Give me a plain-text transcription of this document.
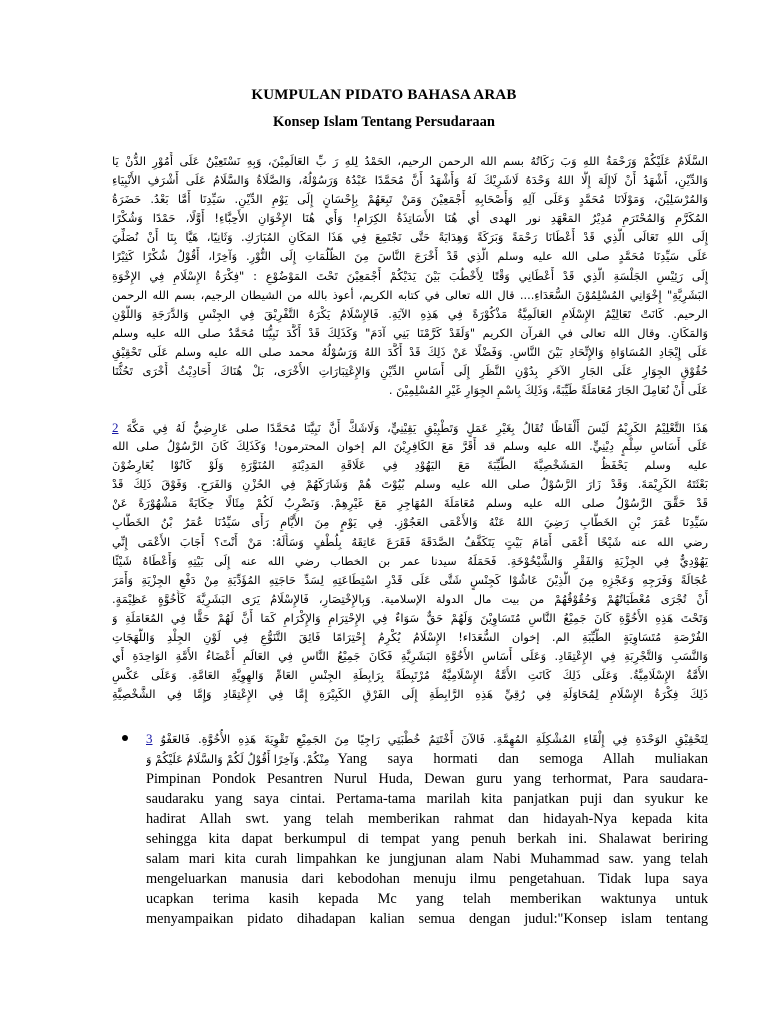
KUMPULAN PIDATO BAHASA ARAB
Konsep Islam Tentang Persudaraan
السَّلَامُ عَلَيْكُمْ وَرَحْمَةُ اللهِ وَبَ رَكَاتُهُ بسم الله الرحمن الرحيم، الحَمْدُ لِلهِ رَ بِّ العَالَمِيْنَ، وَبِهِ نَسْتَعِيْنُ عَلَى أُمُوْرِ الدُّنْ يَا
وَالدِّيْنِ، أَشْهَدُ أَنْ لَاإِلَهَ إِلَّا اللهُ وَحْدَهُ لَاشَرِيْكَ لَهُ وَأَشْهَدُ أَنَّ مُحَمَّدًا عَبْدُهُ وَرَسُوْلُهُ، وَالصَّلَاةُ وَالسَّلَامُ عَلَى أَشْرَفِ الأَنْبِيَاءِ
وَالمُرْسَلِيْنَ، وَمَوْلَانَا مُحَمَّدٍ وَعَلَى آلِهِ وَأَصْحَابِهِ أَجْمَعِيْنَ وَمَنْ تَبِعَهُمْ بِإِحْسَانٍ إِلَى يَوْمِ الدِّيْنِ. سَيِّدِنَا أَمَّا بَعْدُ. حَضَرَةُ
المُكَرَّمِ وَالمُحْتَرَمِ مُدِيْرُ المَعْهَدِ نور الهدى أي هُنَا الأَسَاتِذَةُ الكِرَامِ! وَأَي هُنَا الإِخْوَانِ الأَحِبَّاءِ! أَوَّلًا، حَمْدًا وَشُكْرًا
إِلَى اللهِ تَعَالَى الَّذِي قَدْ أَعْطَانَا رَحْمَةً وَبَرَكَةً وَهِدَايَةً حَتَّى نَجْتَمِعَ فِي هَذَا المَكَانِ المُبَارَكِ. وَثَانِيًا، هَيَّا بِنَا أَنْ نُصَلِّيَ
عَلَى سَيِّدِنَا مُحَمَّدٍ صلى الله عليه وسلم الَّذِي قَدْ أَخْرَجَ النَّاسَ مِنَ الظُّلُمَاتِ إِلَى النُّوْرِ. وَآخِرًا، أَقُوْلُ شُكْرًا كَثِيْرًا
إِلَى رَئِيْسِ الجَلْسَةِ الَّذِي قَدْ أَعْطَانِي وَقْتًا لِأَخْطُبَ بَيْنَ يَدَيْكُمْ أَجْمَعِيْنَ تَحْتَ المَوْضُوْعِ : "فِكْرَةُ الإِسْلَامِ فِي الإِخْوَةِ
البَشَرِيَّةِ" إِخْوَانِي المُسْلِمُوْنَ السُّعَدَاءِ.... قال الله تعالى في كتابه الكريم، أعوذ بالله من الشيطان الرجيم، بسم الله الرحمن
الرحيم. كَانَتْ تَعَالِيْمُ الإِسْلَامِ العَالَمِيَّةُ مَذْكُوْرَةً فِي هَذِهِ الآيَةِ. فَالإِسْلَامُ يَكْرَهُ التَّفْرِيْقَ فِي الجِنْسِ وَالدَّرَجَةِ وَاللَّوْنِ
وَالمَكَانِ. وقال الله تعالى في القرآن الكريم "وَلَقَدْ كَرَّمْنَا بَنِي آدَمَ" وَكَذَلِكَ قَدْ أَكَّدَ نَبِيُّنَا مُحَمَّدٌ صلى الله عليه وسلم
عَلَى إِيْجَادِ المُسَاوَاةِ وَالإِتِّحَادِ بَيْنَ النَّاسِ. وَفَضْلًا عَنْ ذَلِكَ قَدْ أَكَّدَ اللهُ وَرَسُوْلُهُ محمد صلى الله عليه وسلم عَلَى تَحْقِيْقِ
حُقُوْقِ الجِوَارِ عَلَى الجَارِ الآخَرِ بِدُوْنِ النَّظَرِ إِلَى أَسَاسِ الدِّيْنِ وَالإِعْتِبَارَاتِ الأُخْرَى، بَلْ هُنَاكَ أَحَادِيْثُ أُخْرَى تَحُثُّنَا
عَلَى أَنْ نُعَامِلَ الجَارَ مُعَامَلَةً طَيِّبَةً، وَذَلِكَ بِاسْمِ الجِوَارِ غَيْرِ المُسْلِمِيْنَ .
هَذَا التَّعْلِيْمُ الكَرِيْمُ لَيْسَ أَلْفَاظًا تُقَالُ بِغَيْرِ عَمَلٍ وَتَطْبِيْقٍ يَقِيْنِيٍّ، وَلَاشَكَّ أَنَّ نَبِيَّنَا مُحَمَّدًا صلى عَارِضِيٌّ لَهُ فِي مَكَّةَ 2
عَلَى أَسَاسِ سِلْمٍ دِيْنِيٍّ. الله عليه وسلم قد أَقَرَّ مَعَ الكَافِرِيْنَ الم إخوان المحترمون! وَكَذَلِكَ كَانَ الرَّسُوْلُ صلى الله
عليه وسلم يَحْفَظُ المَشَخْصِيَّةَ الطَّيِّبَةَ مَعَ اليَهُوْدِ فِي عَلَاقَةِ المَدِيْنَةِ المُنَوَّرَةِ وَلَوْ كَانُوْا يُعَارِضُوْنَ
بَعْثَتَهُ الكَرِيْمَةَ. وَقَدْ زَارَ الرَّسُوْلُ صلى الله عليه وسلم بُيُوْتَ هُمْ وَشَارَكَهُمْ فِي الحُزْنِ وَالفَرَحِ. وَفَوْقَ ذَلِكَ قَدْ
قَدْ حَقَّقَ الرَّسُوْلُ صلى الله عليه وسلم مُعَامَلَةَ المُهَاجِرِ مَعَ غَيْرِهِمْ. وَنَضْرِبُ لَكُمْ مِثَالًا حِكَايَةً مَشْهُوْرَةً عَنْ
سَيِّدِنَا عُمَرَ بْنِ الخَطَّابِ رَضِيَ اللهُ عَنْهُ وَالأَعْمَى العَجُوْزِ. فِي يَوْمٍ مِنَ الأَيَّامِ رَأَى سَيِّدُنَا عُمَرُ بْنُ الخَطَّابِ
رضي الله عنه شَيْخًا أَعْمَى أَمَامَ بَيْتٍ يَتَكَفَّفُ الصَّدَقَةَ فَقَرَعَ عَاتِقَهُ بِلُطْفٍ وَسَأَلَهُ: مَنْ أَنْتَ؟ أَجَابَ الأَعْمَى إِنِّي
يَهُوْدِيٌّ فِي الجِزْيَةِ وَالفَقْرِ وَالشَّيْخُوْخَةِ. فَحَمَلَهُ سيدنا عمر بن الخطاب رضي الله عنه إِلَى بَيْتِهِ وَأَعْطَاهُ شَيْئًا
عُجَالَةً وَفَرَجِهِ وَعَجْزِهِ مِنَ الَّذِيْنَ عَاشُوْا كَجِنْسٍ شَتَّى عَلَى قَدْرِ اسْتِطَاعَتِهِ لِسَدِّ حَاجَتِهِ المُؤَدِّيَةِ مِنْ دَفْعِ الجِزْيَةِ وَأَمَرَ
أَنْ تُجْرَى مُعْطَيَاتُهُمْ وَحُقُوْقُهُمْ من بيت مال الدولة الإسلامية. وَبِالإِخْتِصَارِ، فَالإِسْلَامُ يَرَى البَشَرِيَّةَ كَأُخُوَّةٍ عَظِيْمَةٍ.
وَتَحْتَ هَذِهِ الأُخُوَّةِ كَانَ جَمِيْعُ النَّاسِ مُتَسَاوِيْنَ وَلَهُمْ حَقٌّ سَوَاءٌ فِي الإِحْتِرَامِ وَالإِكْرَامِ كَمَا أَنَّ لَهُمْ حَقًّا فِي المُعَامَلَةِ وَ
الفُرْصَةِ مُتَسَاوِيَةٍ الطَّيِّبَةِ الم. إخوان السُّعَدَاء! الإِسْلَامُ يُكْرِمُ إِحْتِرَامًا فَائِقَ التَّنَوُّعِ فِي لَوْنِ الجِلْدِ وَاللَّهَجَاتِ
وَالنَّسَبِ وَالتَّجْرِبَةِ فِي الإِعْتِقَادِ. وَعَلَى أَسَاسِ الأُخُوَّةِ البَشَرِيَّةِ فَكَانَ جَمِيْعُ النَّاسِ فِي العَالَمِ أَعْضَاءُ الأُمَّةِ الوَاحِدَةِ أَي
الأُمَّةُ الإِسْلَامِيَّةُ. وَعَلَى ذَلِكَ كَانَتِ الأُمَّةُ الإِسْلَامِيَّةُ مُرْتَبِطَةً بِرَابِطَةِ الجِنْسِ العَامِّ وَالهِوِيَّةِ العَامَّةِ. وَعَلَى عَكْسِ
ذَلِكَ فِكْرَةُ الإِسْلَامِ لِمُحَاوَلَةِ فِي رُقِيِّ هَذِهِ الرَّابِطَةِ إِلَى الفَرْقِ الكَبِيْرَةِ إِمَّا فِي الإِعْتِقَادِ وَإِمَّا فِي الشَّخْصِيَّةِ
لِتَحْقِيْقِ الوَحْدَةِ فِي إِلْقَاءِ المُشْكِلَةِ المُهِمَّةِ. فَالآنَ أَخْتَتِمُ خُطْبَتِي رَاجِيًا مِنَ الجَمِيْعِ تَقْوِيَةَ هَذِهِ الأُخُوَّةِ. فَالعَفْوُ 3
مِنْكُمْ. وَآخِرًا أَقُوْلُ لَكُمْ وَالسَّلَامُ عَلَيْكُمْ وَ Yang saya hormati dan semoga Allah muliakan
Pimpinan Pondok Pesantren Nurul Huda, Dewan guru yang terhormat, Para saudara-
saudaraku yang saya cintai. Pertama-tama marilah kita panjatkan puji dan syukur ke
hadirat Allah swt. yang telah memberikan rahmat dan hidayah-Nya kepada kita
sehingga kita dapat berkumpul di tempat yang penuh berkah ini. Shalawat beriring
salam mari kita curah limpahkan ke jungjunan alam Nabi Muhammad saw. yang telah
mengeluarkan manusia dari kebodohan menuju ilmu pengetahuan. Tidak lupa saya
ucapkan terima kasih kepada Mc yang telah memberikan waktunya untuk
menyampaikan pidato dihadapan kalian semua dengan judul:"Konsep islam tentang
